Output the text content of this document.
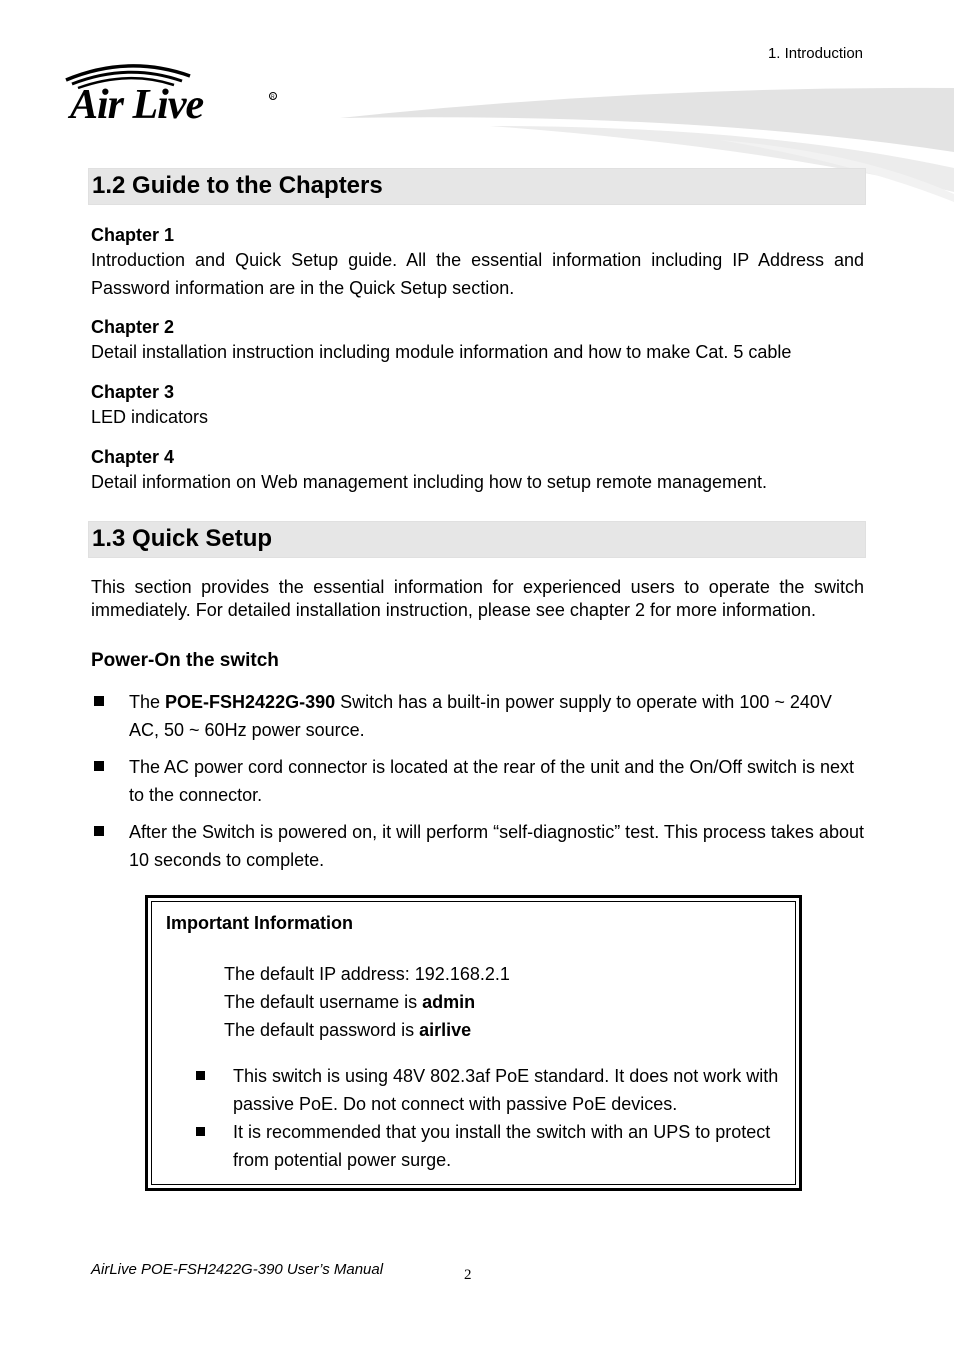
1. Introduction
Air Live	R
1.2 Guide to the Chapters
Chapter 1
Introduction and Quick Setup guide. All the essential information including IP Address and Password information are in the Quick Setup section.
Chapter 2
Detail installation instruction including module information and how to make Cat. 5 cable
Chapter 3
LED indicators
Chapter 4
Detail information on Web management including how to setup remote management.
1.3 Quick Setup
This section provides the essential information for experienced users to operate the switch immediately. For detailed installation instruction, please see chapter 2 for more information.
Power-On the switch
The POE-FSH2422G-390 Switch has a built-in power supply to operate with 100 ~ 240V AC, 50 ~ 60Hz power source.
The AC power cord connector is located at the rear of the unit and the On/Off switch is next to the connector.
After the Switch is powered on, it will perform “self-diagnostic” test. This process takes about 10 seconds to complete.
Important Information
The default IP address: 192.168.2.1
The default username is admin
The default password is airlive
This switch is using 48V 802.3af PoE standard. It does not work with passive PoE. Do not connect with passive PoE devices.
It is recommended that you install the switch with an UPS to protect from potential power surge.
AirLive POE-FSH2422G-390 User’s Manual	2
